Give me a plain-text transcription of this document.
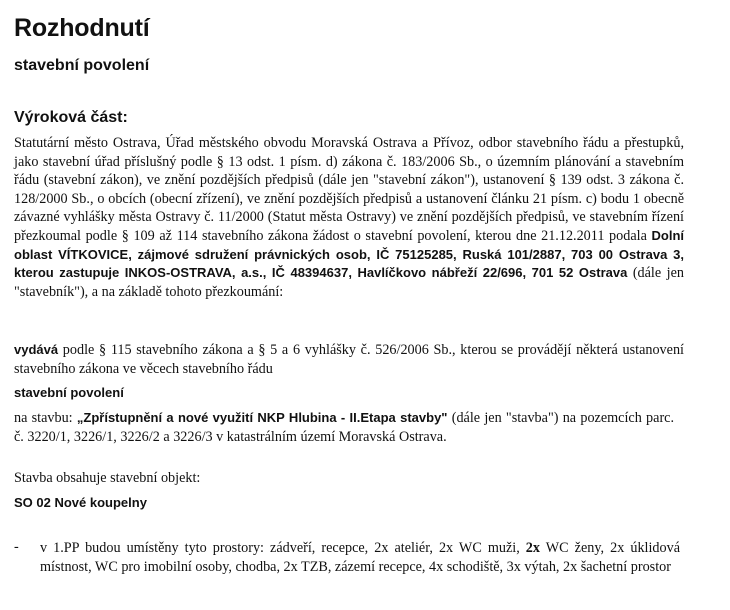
Rozhodnutí
stavební povolení
Výroková část:
Statutární město Ostrava, Úřad městského obvodu Moravská Ostrava a Přívoz, odbor stavebního řádu a přestupků, jako stavební úřad příslušný podle § 13 odst. 1 písm. d) zákona č. 183/2006 Sb., o územním plánování a stavebním řádu (stavební zákon), ve znění pozdějších předpisů (dále jen "stavební zákon"), ustanovení § 139 odst. 3 zákona č. 128/2000 Sb., o obcích (obecní zřízení), ve znění pozdějších předpisů a ustanovení článku 21 písm. c) bodu 1 obecně závazné vyhlášky města Ostravy č. 11/2000 (Statut města Ostravy) ve znění pozdějších předpisů, ve stavebním řízení přezkoumal podle § 109 až 114 stavebního zákona žádost o stavební povolení, kterou dne 21.12.2011 podala Dolní oblast VÍTKOVICE, zájmové sdružení právnických osob, IČ 75125285, Ruská 101/2887, 703 00 Ostrava 3, kterou zastupuje INKOS-OSTRAVA, a.s., IČ 48394637, Havlíčkovo nábřeží 22/696, 701 52 Ostrava (dále jen "stavebník"), a na základě tohoto přezkoumání:
vydává podle § 115 stavebního zákona a § 5 a 6 vyhlášky č. 526/2006 Sb., kterou se provádějí některá ustanovení stavebního zákona ve věcech stavebního řádu
stavební povolení
na stavbu: „Zpřístupnění a nové využití NKP Hlubina - II.Etapa stavby" (dále jen "stavba") na pozemcích parc. č. 3220/1, 3226/1, 3226/2 a 3226/3 v katastrálním území Moravská Ostrava.
Stavba obsahuje stavební objekt:
SO 02 Nové koupelny
- v 1.PP budou umístěny tyto prostory: zádveří, recepce, 2x ateliér, 2x WC muži, 2x WC ženy, 2x úklidová místnost, WC pro imobilní osoby, chodba, 2x TZB, zázemí recepce, 4x schodiště, 3x výtah, 2x šachetní prostor
